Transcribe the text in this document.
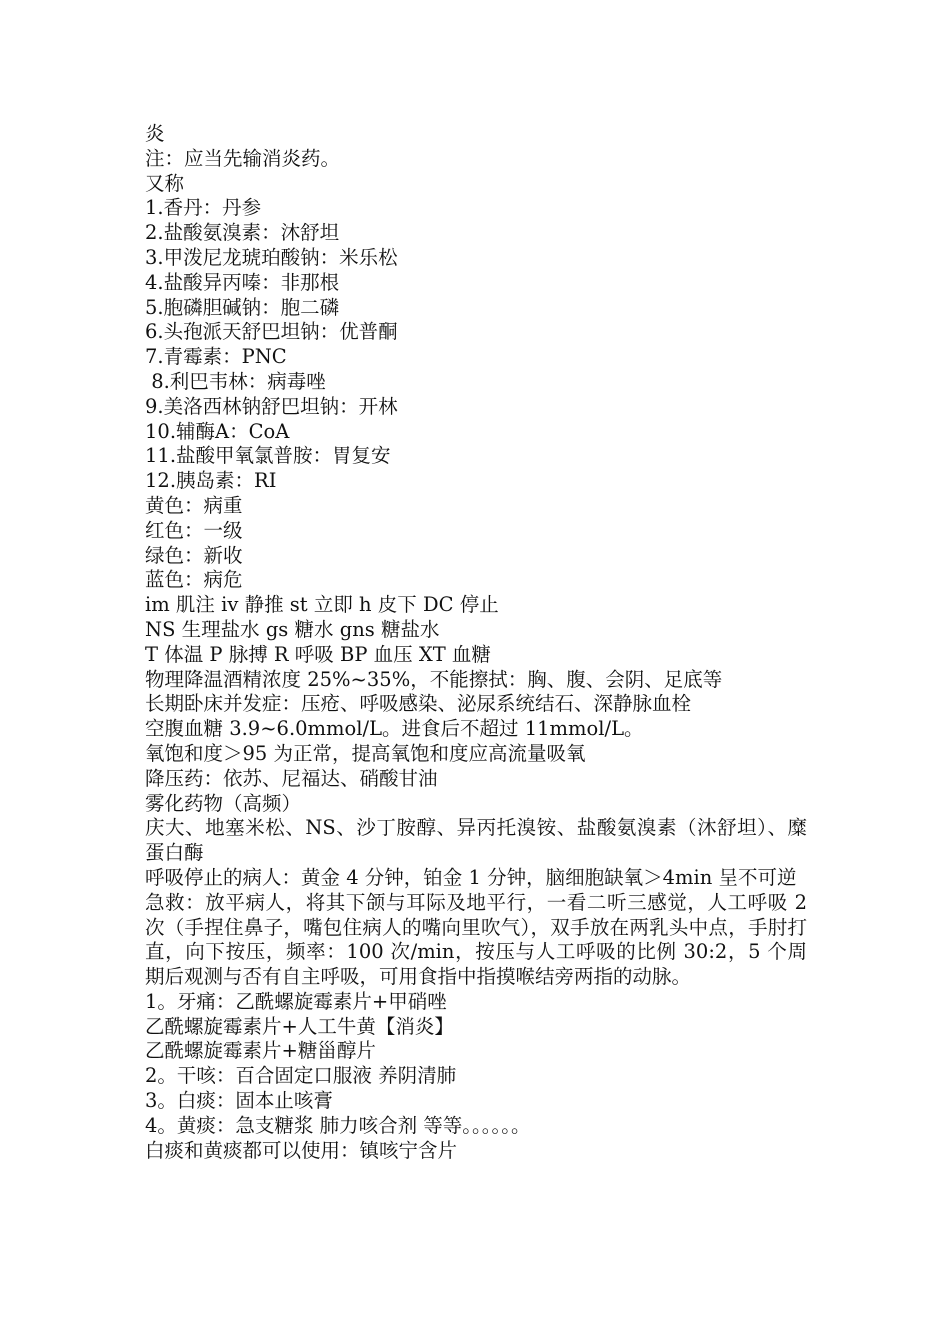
炎
注：应当先输消炎药。
又称
1.香丹：丹参
2.盐酸氨溴素：沐舒坦
3.甲泼尼龙琥珀酸钠：米乐松
4.盐酸异丙嗪：非那根
5.胞磷胆碱钠：胞二磷
6.头孢派天舒巴坦钠：优普酮
7.青霉素：PNC
8.利巴韦林：病毒唑
9.美洛西林钠舒巴坦钠：开林
10.辅酶A：CoA
11.盐酸甲氧氯普胺：胃复安
12.胰岛素：RI
黄色：病重
红色：一级
绿色：新收
蓝色：病危
im 肌注 iv 静推 st 立即 h 皮下 DC 停止
NS 生理盐水 gs 糖水 gns 糖盐水
T 体温 P 脉搏 R 呼吸 BP 血压 XT 血糖
物理降温酒精浓度 25%~35%，不能擦拭：胸、腹、会阴、足底等
长期卧床并发症：压疮、呼吸感染、泌尿系统结石、深静脉血栓
空腹血糖 3.9~6.0mmol/L。进食后不超过 11mmol/L。
氧饱和度＞95 为正常，提高氧饱和度应高流量吸氧
降压药：依苏、尼福达、硝酸甘油
雾化药物（高频）
庆大、地塞米松、NS、沙丁胺醇、异丙托溴铵、盐酸氨溴素（沐舒坦）、糜蛋白酶
呼吸停止的病人：黄金 4 分钟，铂金 1 分钟，脑细胞缺氧＞4min 呈不可逆
急救：放平病人，将其下颌与耳际及地平行，一看二听三感觉，人工呼吸 2 次（手捏住鼻子，嘴包住病人的嘴向里吹气），双手放在两乳头中点，手肘打直，向下按压，频率：100 次/min，按压与人工呼吸的比例 30:2，5 个周期后观测与否有自主呼吸，可用食指中指摸喉结旁两指的动脉。
1。牙痛：乙酰螺旋霉素片+甲硝唑
乙酰螺旋霉素片+人工牛黄【消炎】
乙酰螺旋霉素片+糖甾醇片
2。干咳：百合固定口服液 养阴清肺
3。白痰：固本止咳膏
4。黄痰：急支糖浆 肺力咳合剂 等等。。。。。。
白痰和黄痰都可以使用：镇咳宁含片
